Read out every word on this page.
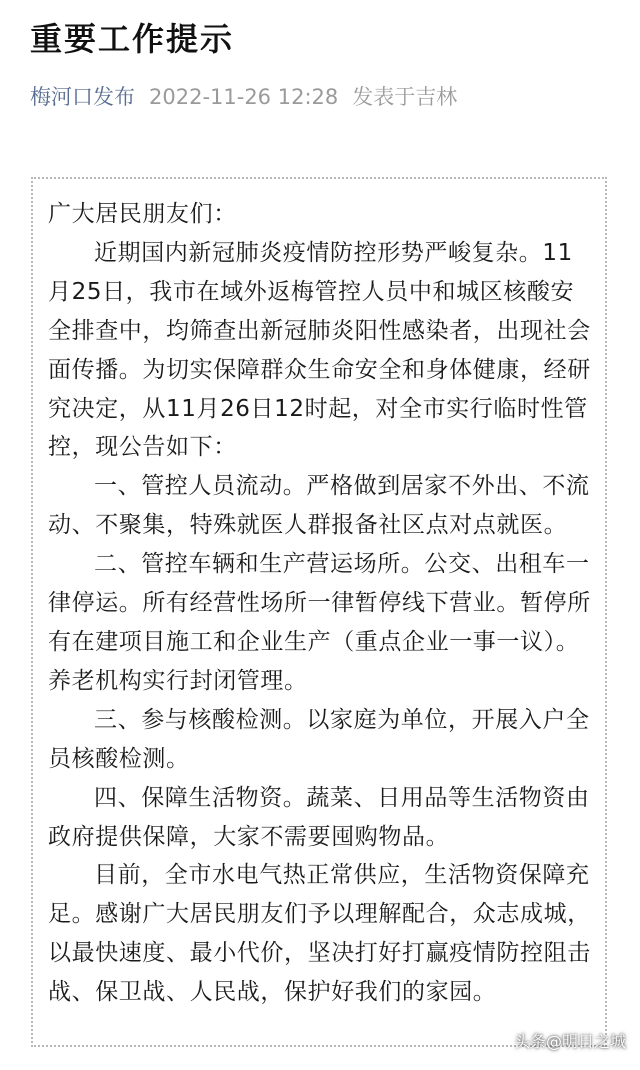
重要工作提示
梅河口发布 2022-11-26 12:28 发表于吉林

广大居民朋友们：

近期国内新冠肺炎疫情防控形势严峻复杂。11月25日，我市在域外返梅管控人员中和城区核酸安全排查中，均筛查出新冠肺炎阳性感染者，出现社会面传播。为切实保障群众生命安全和身体健康，经研究决定，从11月26日12时起，对全市实行临时性管控，现公告如下：

一、管控人员流动。严格做到居家不外出、不流动、不聚集，特殊就医人群报备社区点对点就医。

二、管控车辆和生产营运场所。公交、出租车一律停运。所有经营性场所一律暂停线下营业。暂停所有在建项目施工和企业生产（重点企业一事一议）。养老机构实行封闭管理。

三、参与核酸检测。以家庭为单位，开展入户全员核酸检测。

四、保障生活物资。蔬菜、日用品等生活物资由政府提供保障，大家不需要囤购物品。

目前，全市水电气热正常供应，生活物资保障充足。感谢广大居民朋友们予以理解配合，众志成城，以最快速度、最小代价，坚决打好打赢疫情防控阻击战、保卫战、人民战，保护好我们的家园。

头条@明日之城
